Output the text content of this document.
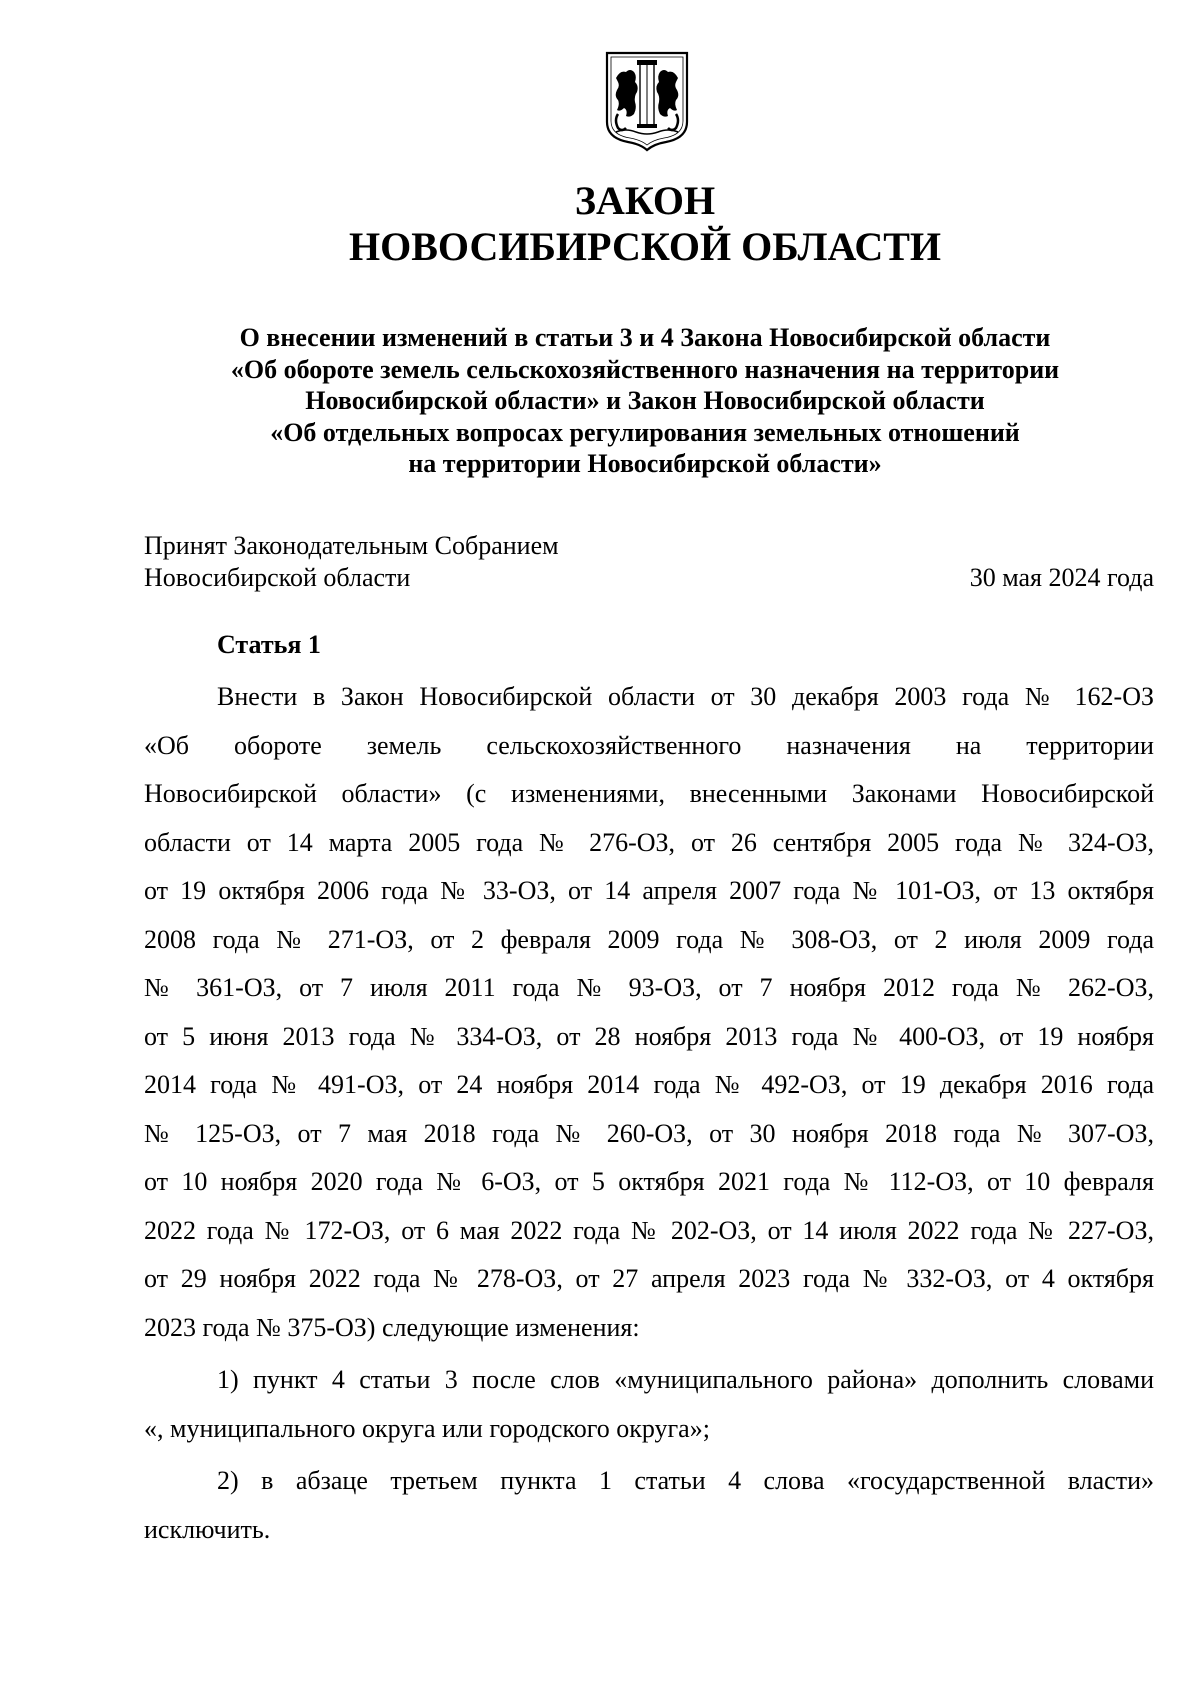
ЗАКОН
НОВОСИБИРСКОЙ ОБЛАСТИ
О внесении изменений в статьи 3 и 4 Закона Новосибирской области
«Об обороте земель сельскохозяйственного назначения на территории
Новосибирской области» и Закон Новосибирской области
«Об отдельных вопросах регулирования земельных отношений
на территории Новосибирской области»
Принят Законодательным Собранием
Новосибирской области	30 мая 2024 года
Статья 1
Внести в Закон Новосибирской области от 30 декабря 2003 года № 162-ОЗ
«Об обороте земель сельскохозяйственного назначения на территории
Новосибирской области» (с изменениями, внесенными Законами Новосибирской
области от 14 марта 2005 года № 276-ОЗ, от 26 сентября 2005 года № 324-ОЗ,
от 19 октября 2006 года № 33-ОЗ, от 14 апреля 2007 года № 101-ОЗ, от 13 октября
2008 года № 271-ОЗ, от 2 февраля 2009 года № 308-ОЗ, от 2 июля 2009 года
№ 361-ОЗ, от 7 июля 2011 года № 93-ОЗ, от 7 ноября 2012 года № 262-ОЗ,
от 5 июня 2013 года № 334-ОЗ, от 28 ноября 2013 года № 400-ОЗ, от 19 ноября
2014 года № 491-ОЗ, от 24 ноября 2014 года № 492-ОЗ, от 19 декабря 2016 года
№ 125-ОЗ, от 7 мая 2018 года № 260-ОЗ, от 30 ноября 2018 года № 307-ОЗ,
от 10 ноября 2020 года № 6-ОЗ, от 5 октября 2021 года № 112-ОЗ, от 10 февраля
2022 года № 172-ОЗ, от 6 мая 2022 года № 202-ОЗ, от 14 июля 2022 года № 227-ОЗ,
от 29 ноября 2022 года № 278-ОЗ, от 27 апреля 2023 года № 332-ОЗ, от 4 октября
2023 года № 375-ОЗ) следующие изменения:
1) пункт 4 статьи 3 после слов «муниципального района» дополнить словами
«, муниципального округа или городского округа»;
2) в абзаце третьем пункта 1 статьи 4 слова «государственной власти»
исключить.
